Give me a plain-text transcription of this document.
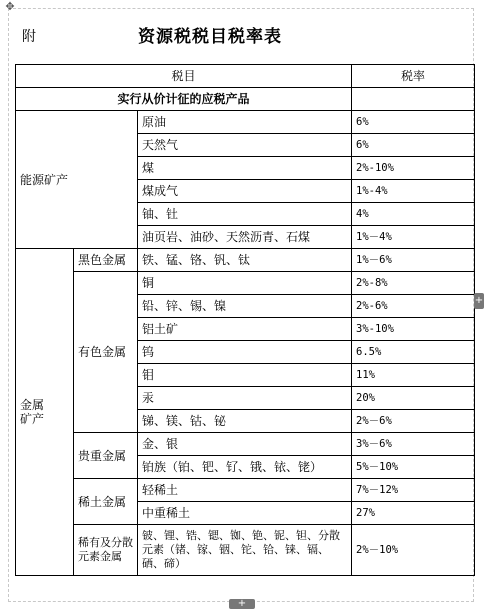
✥
附	资源税税目税率表
税目			税率
实行从价计征的应税产品			
能源矿产		原油	6%
		天然气	6%
		煤	2%-10%
		煤成气	1%-4%
		铀、钍	4%
		油页岩、油砂、天然沥青、石煤	1%－4%
金属
矿产	黑色金属	铁、锰、铬、钒、钛	1%－6%
	有色金属	铜	2%-8%
		铅、锌、锡、镍	2%-6%
		铝土矿	3%-10%
		钨	6.5%
		钼	11%
		汞	20%
		锑、镁、钴、铋	2%－6%
	贵重金属	金、银	3%－6%
		铂族（铂、钯、钌、锇、铱、铑）	5%－10%
	稀土金属	轻稀土	7%－12%
		中重稀土	27%
	稀有及分散元素金属	铍、锂、锆、锶、铷、铯、铌、钽、分散元素（锗、镓、铟、铊、铪、铼、镉、硒、碲）	2%－10%
+
+
